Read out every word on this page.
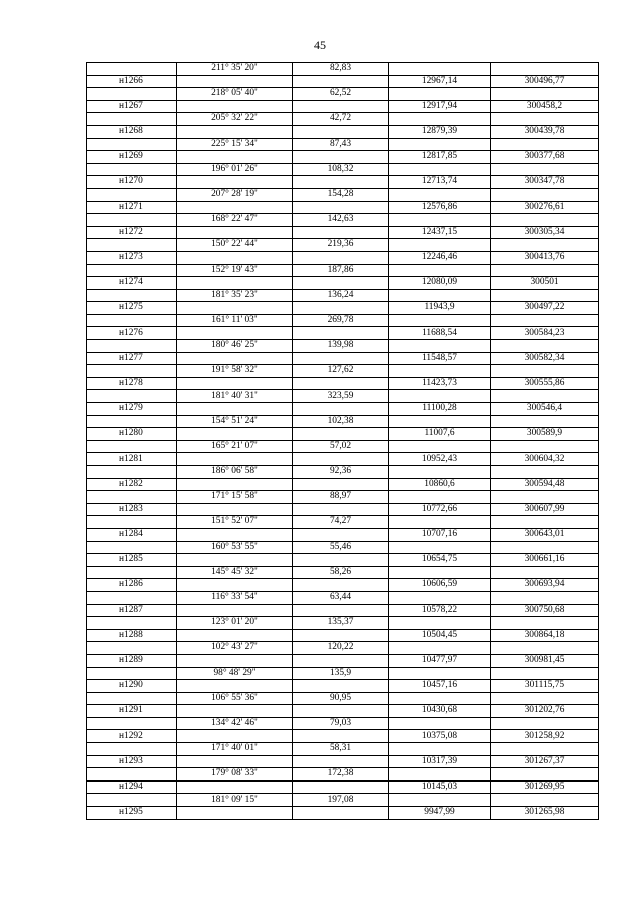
45
	211° 35' 20"	82,83		
н1266			12967,14	300496,77
	218° 05' 40"	62,52		
н1267			12917,94	300458,2
	205° 32' 22"	42,72		
н1268			12879,39	300439,78
	225° 15' 34"	87,43		
н1269			12817,85	300377,68
	196° 01' 26"	108,32		
н1270			12713,74	300347,78
	207° 28' 19"	154,28		
н1271			12576,86	300276,61
	168° 22' 47"	142,63		
н1272			12437,15	300305,34
	150° 22' 44"	219,36		
н1273			12246,46	300413,76
	152° 19' 43"	187,86		
н1274			12080,09	300501
	181° 35' 23"	136,24		
н1275			11943,9	300497,22
	161° 11' 03"	269,78		
н1276			11688,54	300584,23
	180° 46' 25"	139,98		
н1277			11548,57	300582,34
	191° 58' 32"	127,62		
н1278			11423,73	300555,86
	181° 40' 31"	323,59		
н1279			11100,28	300546,4
	154° 51' 24"	102,38		
н1280			11007,6	300589,9
	165° 21' 07"	57,02		
н1281			10952,43	300604,32
	186° 06' 58"	92,36		
н1282			10860,6	300594,48
	171° 15' 58"	88,97		
н1283			10772,66	300607,99
	151° 52' 07"	74,27		
н1284			10707,16	300643,01
	160° 53' 55"	55,46		
н1285			10654,75	300661,16
	145° 45' 32"	58,26		
н1286			10606,59	300693,94
	116° 33' 54"	63,44		
н1287			10578,22	300750,68
	123° 01' 20"	135,37		
н1288			10504,45	300864,18
	102° 43' 27"	120,22		
н1289			10477,97	300981,45
	98° 48' 29"	135,9		
н1290			10457,16	301115,75
	106° 55' 36"	90,95		
н1291			10430,68	301202,76
	134° 42' 46"	79,03		
н1292			10375,08	301258,92
	171° 40' 01"	58,31		
н1293			10317,39	301267,37
	179° 08' 33"	172,38		
н1294			10145,03	301269,95
	181° 09' 15"	197,08		
н1295			9947,99	301265,98
